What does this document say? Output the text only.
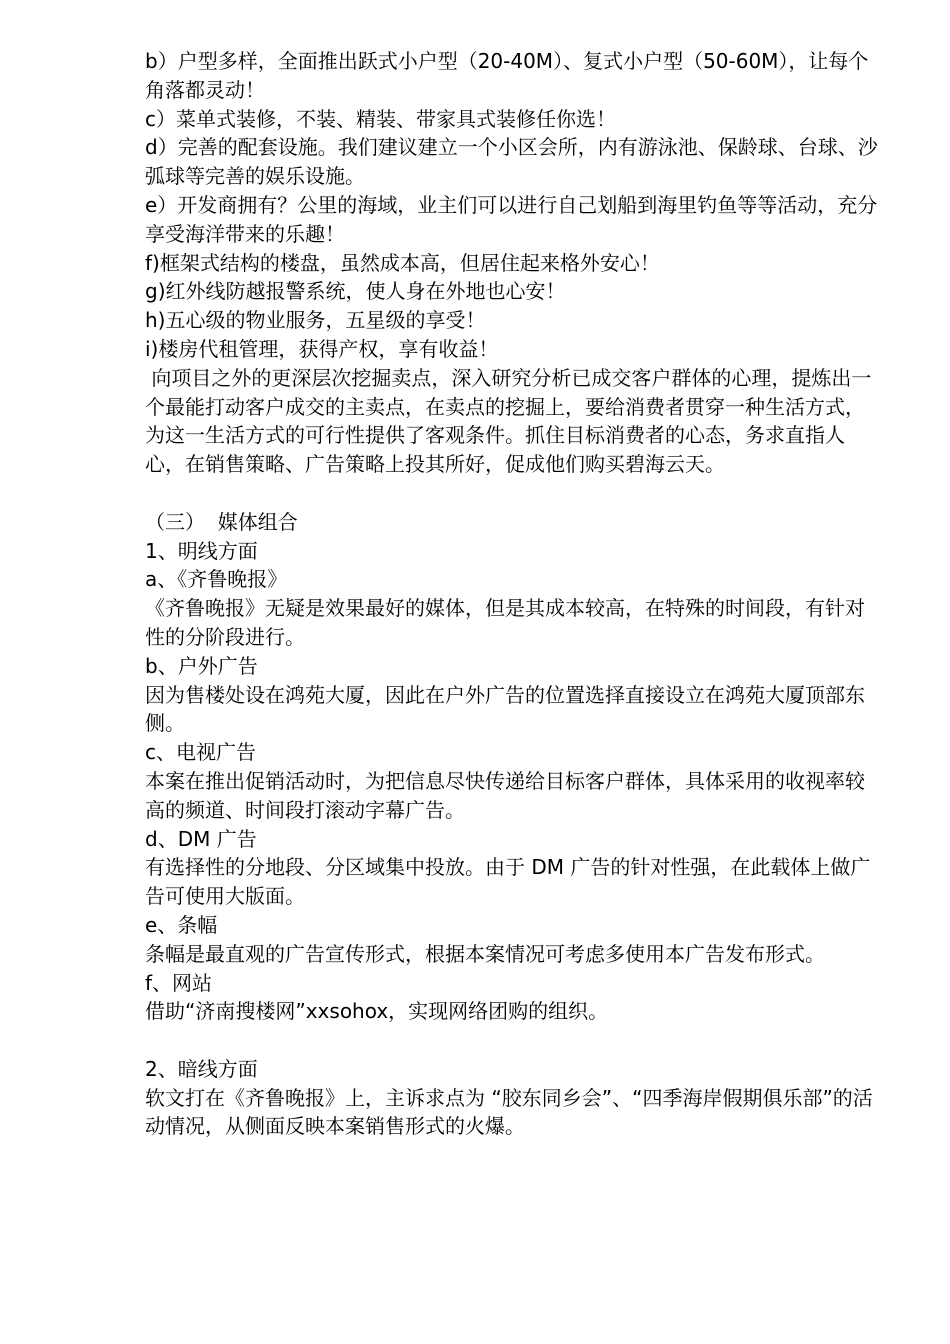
b）户型多样，全面推出跃式小户型（20-40M）、复式小户型（50-60M），让每个角落都灵动！
c）菜单式装修，不装、精装、带家具式装修任你选！
d）完善的配套设施。我们建议建立一个小区会所，内有游泳池、保龄球、台球、沙弧球等完善的娱乐设施。
e）开发商拥有？公里的海域，业主们可以进行自己划船到海里钓鱼等等活动，充分享受海洋带来的乐趣！
f)框架式结构的楼盘，虽然成本高，但居住起来格外安心！
g)红外线防越报警系统，使人身在外地也心安！
h)五心级的物业服务，五星级的享受！
i)楼房代租管理，获得产权，享有收益！
向项目之外的更深层次挖掘卖点，深入研究分析已成交客户群体的心理，提炼出一个最能打动客户成交的主卖点，在卖点的挖掘上，要给消费者贯穿一种生活方式，为这一生活方式的可行性提供了客观条件。抓住目标消费者的心态，务求直指人心，在销售策略、广告策略上投其所好，促成他们购买碧海云天。
（三）  媒体组合
1、明线方面
a、《齐鲁晚报》
《齐鲁晚报》无疑是效果最好的媒体，但是其成本较高，在特殊的时间段，有针对性的分阶段进行。
b、户外广告
因为售楼处设在鸿苑大厦，因此在户外广告的位置选择直接设立在鸿苑大厦顶部东侧。
c、电视广告
本案在推出促销活动时，为把信息尽快传递给目标客户群体，具体采用的收视率较高的频道、时间段打滚动字幕广告。
d、DM 广告
有选择性的分地段、分区域集中投放。由于 DM 广告的针对性强，在此载体上做广告可使用大版面。
e、条幅
条幅是最直观的广告宣传形式，根据本案情况可考虑多使用本广告发布形式。
f、网站
借助“济南搜楼网”xxsohox，实现网络团购的组织。
2、暗线方面
软文打在《齐鲁晚报》上，主诉求点为 “胶东同乡会”、“四季海岸假期俱乐部”的活动情况，从侧面反映本案销售形式的火爆。
